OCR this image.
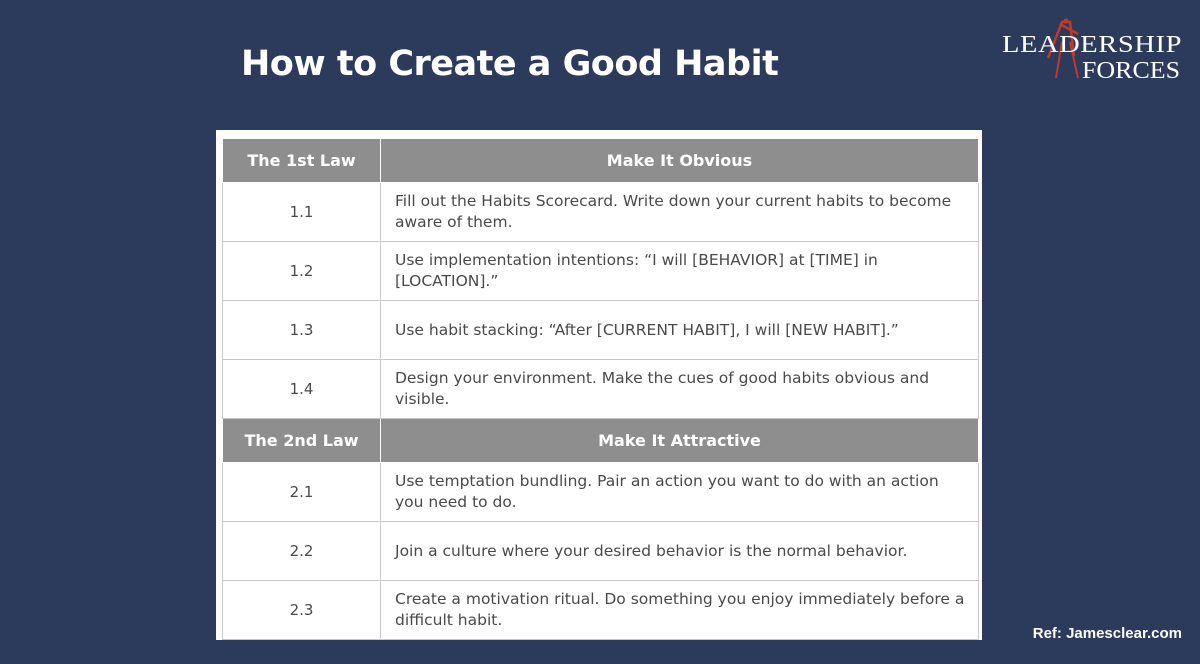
How to Create a Good Habit	LEADERSHIP
FORCES
The 1st Law	Make It Obvious
1.1	Fill out the Habits Scorecard. Write down your current habits to become aware of them.
1.2	Use implementation intentions: “I will [BEHAVIOR] at [TIME] in [LOCATION].”
1.3	Use habit stacking: “After [CURRENT HABIT], I will [NEW HABIT].”
1.4	Design your environment. Make the cues of good habits obvious and visible.
The 2nd Law	Make It Attractive
2.1	Use temptation bundling. Pair an action you want to do with an action you need to do.
2.2	Join a culture where your desired behavior is the normal behavior.
2.3	Create a motivation ritual. Do something you enjoy immediately before a difficult habit.
Ref: Jamesclear.com
